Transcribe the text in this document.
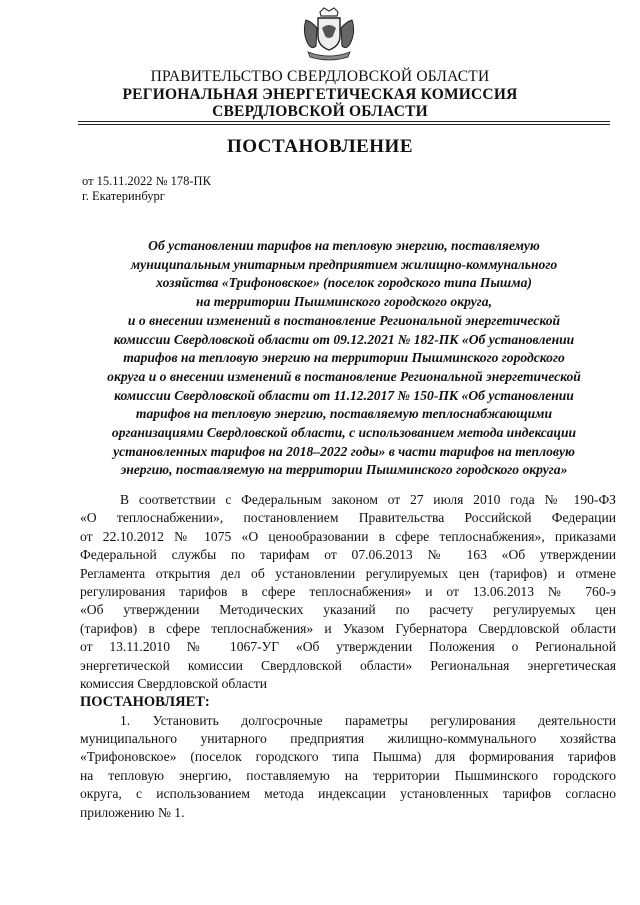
ПРАВИТЕЛЬСТВО СВЕРДЛОВСКОЙ ОБЛАСТИ
РЕГИОНАЛЬНАЯ ЭНЕРГЕТИЧЕСКАЯ КОМИССИЯ
СВЕРДЛОВСКОЙ ОБЛАСТИ
ПОСТАНОВЛЕНИЕ
от 15.11.2022 № 178-ПК
г. Екатеринбург
Об установлении тарифов на тепловую энергию, поставляемую
муниципальным унитарным предприятием жилищно-коммунального
хозяйства «Трифоновское» (поселок городского типа Пышма)
на территории Пышминского городского округа,
и о внесении изменений в постановление Региональной энергетической
комиссии Свердловской области от 09.12.2021 № 182-ПК «Об установлении
тарифов на тепловую энергию на территории Пышминского городского
округа и о внесении изменений в постановление Региональной энергетической
комиссии Свердловской области от 11.12.2017 № 150-ПК «Об установлении
тарифов на тепловую энергию, поставляемую теплоснабжающими
организациями Свердловской области, с использованием метода индексации
установленных тарифов на 2018–2022 годы» в части тарифов на тепловую
энергию, поставляемую на территории Пышминского городского округа»
В соответствии с Федеральным законом от 27 июля 2010 года № 190-ФЗ
«О теплоснабжении», постановлением Правительства Российской Федерации
от 22.10.2012 № 1075 «О ценообразовании в сфере теплоснабжения», приказами
Федеральной службы по тарифам от 07.06.2013 № 163 «Об утверждении
Регламента открытия дел об установлении регулируемых цен (тарифов) и отмене
регулирования тарифов в сфере теплоснабжения» и от 13.06.2013 № 760-э
«Об утверждении Методических указаний по расчету регулируемых цен
(тарифов) в сфере теплоснабжения» и Указом Губернатора Свердловской области
от 13.11.2010 № 1067-УГ «Об утверждении Положения о Региональной
энергетической комиссии Свердловской области» Региональная энергетическая
комиссия Свердловской области
ПОСТАНОВЛЯЕТ:
1. Установить долгосрочные параметры регулирования деятельности
муниципального унитарного предприятия жилищно-коммунального хозяйства
«Трифоновское» (поселок городского типа Пышма) для формирования тарифов
на тепловую энергию, поставляемую на территории Пышминского городского
округа, с использованием метода индексации установленных тарифов согласно
приложению № 1.
